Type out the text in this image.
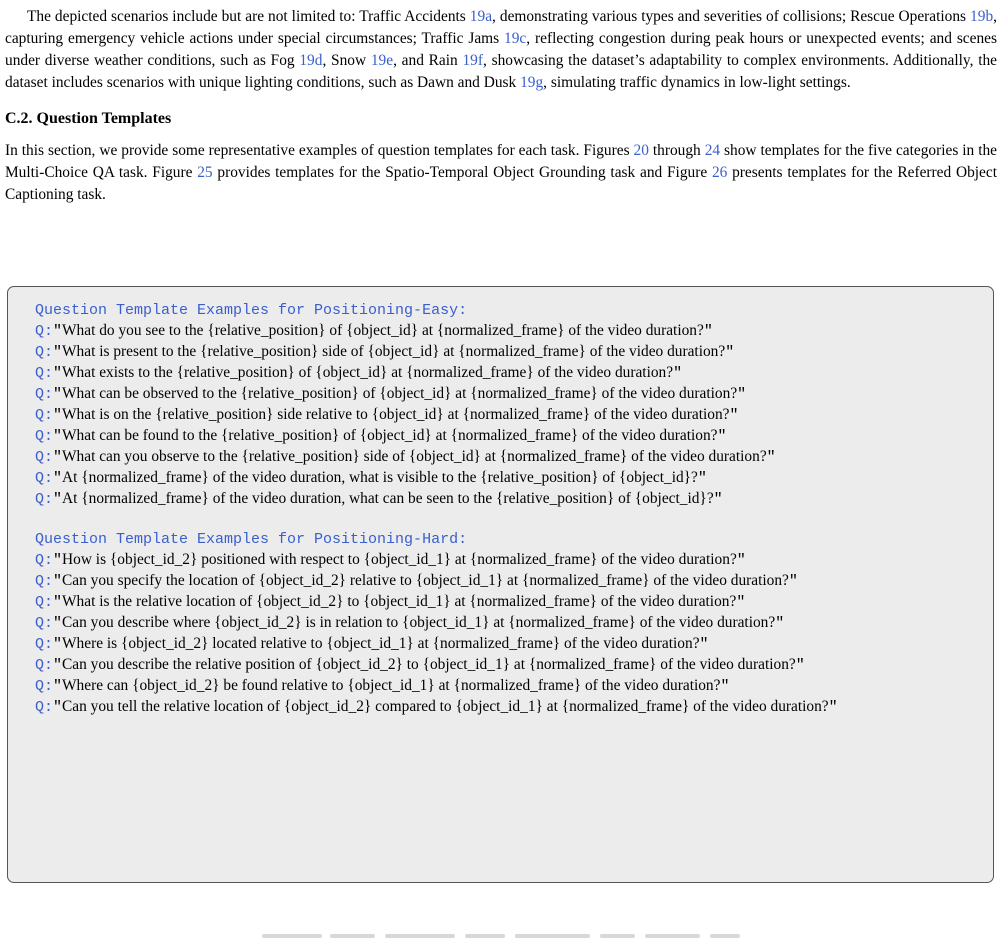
The depicted scenarios include but are not limited to: Traffic Accidents 19a, demonstrating various types and severities of collisions; Rescue Operations 19b, capturing emergency vehicle actions under special circumstances; Traffic Jams 19c, reflecting congestion during peak hours or unexpected events; and scenes under diverse weather conditions, such as Fog 19d, Snow 19e, and Rain 19f, showcasing the dataset’s adaptability to complex environments. Additionally, the dataset includes scenarios with unique lighting conditions, such as Dawn and Dusk 19g, simulating traffic dynamics in low-light settings.

C.2. Question Templates

In this section, we provide some representative examples of question templates for each task. Figures 20 through 24 show templates for the five categories in the Multi-Choice QA task. Figure 25 provides templates for the Spatio-Temporal Object Grounding task and Figure 26 presents templates for the Referred Object Captioning task.

Question Template Examples for Positioning-Easy:

Q:"What do you see to the {relative_position} of {object_id} at {normalized_frame} of the video duration?"

Q:"What is present to the {relative_position} side of {object_id} at {normalized_frame} of the video duration?"

Q:"What exists to the {relative_position} of {object_id} at {normalized_frame} of the video duration?"

Q:"What can be observed to the {relative_position} of {object_id} at {normalized_frame} of the video duration?"

Q:"What is on the {relative_position} side relative to {object_id} at {normalized_frame} of the video duration?"

Q:"What can be found to the {relative_position} of {object_id} at {normalized_frame} of the video duration?"

Q:"What can you observe to the {relative_position} side of {object_id} at {normalized_frame} of the video duration?"

Q:"At {normalized_frame} of the video duration, what is visible to the {relative_position} of {object_id}?"

Q:"At {normalized_frame} of the video duration, what can be seen to the {relative_position} of {object_id}?"

Question Template Examples for Positioning-Hard:

Q:"How is {object_id_2} positioned with respect to {object_id_1} at {normalized_frame} of the video duration?"

Q:"Can you specify the location of {object_id_2} relative to {object_id_1} at {normalized_frame} of the video duration?"

Q:"What is the relative location of {object_id_2} to {object_id_1} at {normalized_frame} of the video duration?"

Q:"Can you describe where {object_id_2} is in relation to {object_id_1} at {normalized_frame} of the video duration?"

Q:"Where is {object_id_2} located relative to {object_id_1} at {normalized_frame} of the video duration?"

Q:"Can you describe the relative position of {object_id_2} to {object_id_1} at {normalized_frame} of the video duration?"

Q:"Where can {object_id_2} be found relative to {object_id_1} at {normalized_frame} of the video duration?"

Q:"Can you tell the relative location of {object_id_2} compared to {object_id_1} at {normalized_frame} of the video duration?"
